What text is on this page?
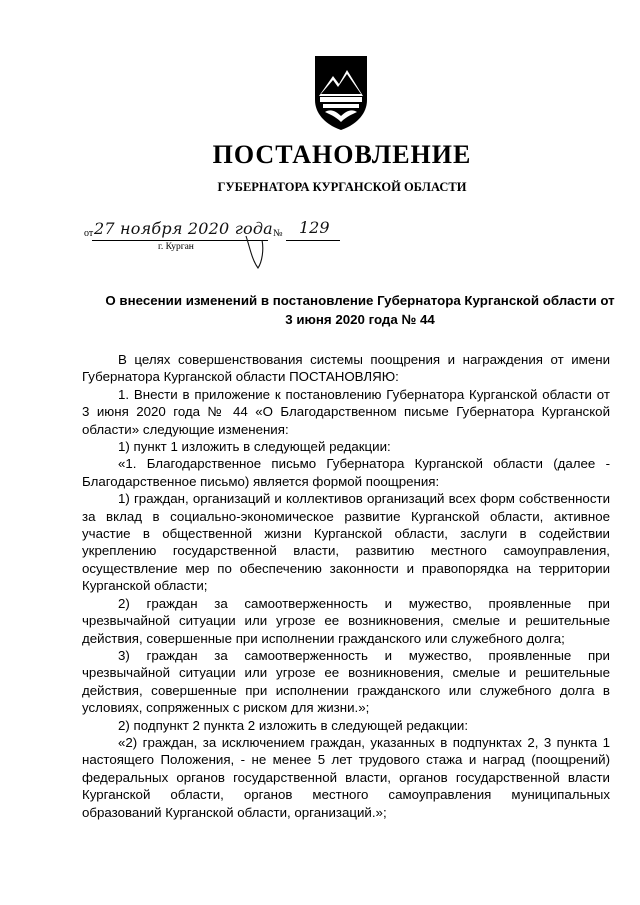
ПОСТАНОВЛЕНИЕ
ГУБЕРНАТОРА КУРГАНСКОЙ ОБЛАСТИ
от 27 ноября 2020 года № 129
г. Курган
О внесении изменений в постановление Губернатора Курганской области от 3 июня 2020 года № 44

В целях совершенствования системы поощрения и награждения от имени Губернатора Курганской области ПОСТАНОВЛЯЮ:

1. Внести в приложение к постановлению Губернатора Курганской области от 3 июня 2020 года № 44 «О Благодарственном письме Губернатора Курганской области» следующие изменения:

1) пункт 1 изложить в следующей редакции:

«1. Благодарственное письмо Губернатора Курганской области (далее - Благодарственное письмо) является формой поощрения:

1) граждан, организаций и коллективов организаций всех форм собственности за вклад в социально-экономическое развитие Курганской области, активное участие в общественной жизни Курганской области, заслуги в содействии укреплению государственной власти, развитию местного самоуправления, осуществление мер по обеспечению законности и правопорядка на территории Курганской области;

2) граждан за самоотверженность и мужество, проявленные при чрезвычайной ситуации или угрозе ее возникновения, смелые и решительные действия, совершенные при исполнении гражданского или служебного долга;

3) граждан за самоотверженность и мужество, проявленные при чрезвычайной ситуации или угрозе ее возникновения, смелые и решительные действия, совершенные при исполнении гражданского или служебного долга в условиях, сопряженных с риском для жизни.»;

2) подпункт 2 пункта 2 изложить в следующей редакции:

«2) граждан, за исключением граждан, указанных в подпунктах 2, 3 пункта 1 настоящего Положения, - не менее 5 лет трудового стажа и наград (поощрений) федеральных органов государственной власти, органов государственной власти Курганской области, органов местного самоуправления муниципальных образований Курганской области, организаций.»;
